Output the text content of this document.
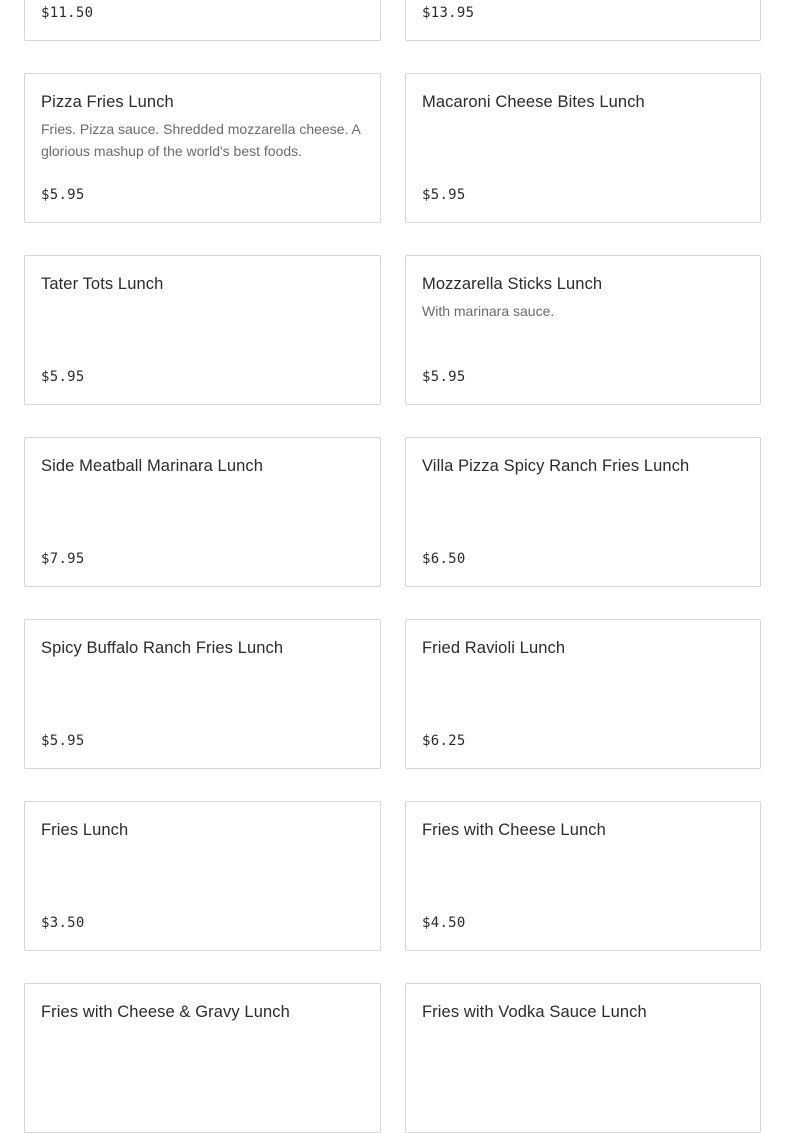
$11.50	$13.95
Pizza Fries Lunch
Fries. Pizza sauce. Shredded mozzarella cheese. A glorious mashup of the world's best foods.
$5.95
Macaroni Cheese Bites Lunch
$5.95
Tater Tots Lunch
$5.95
Mozzarella Sticks Lunch
With marinara sauce.
$5.95
Side Meatball Marinara Lunch
$7.95
Villa Pizza Spicy Ranch Fries Lunch
$6.50
Spicy Buffalo Ranch Fries Lunch
$5.95
Fried Ravioli Lunch
$6.25
Fries Lunch
$3.50
Fries with Cheese Lunch
$4.50
Fries with Cheese & Gravy Lunch	Fries with Vodka Sauce Lunch
